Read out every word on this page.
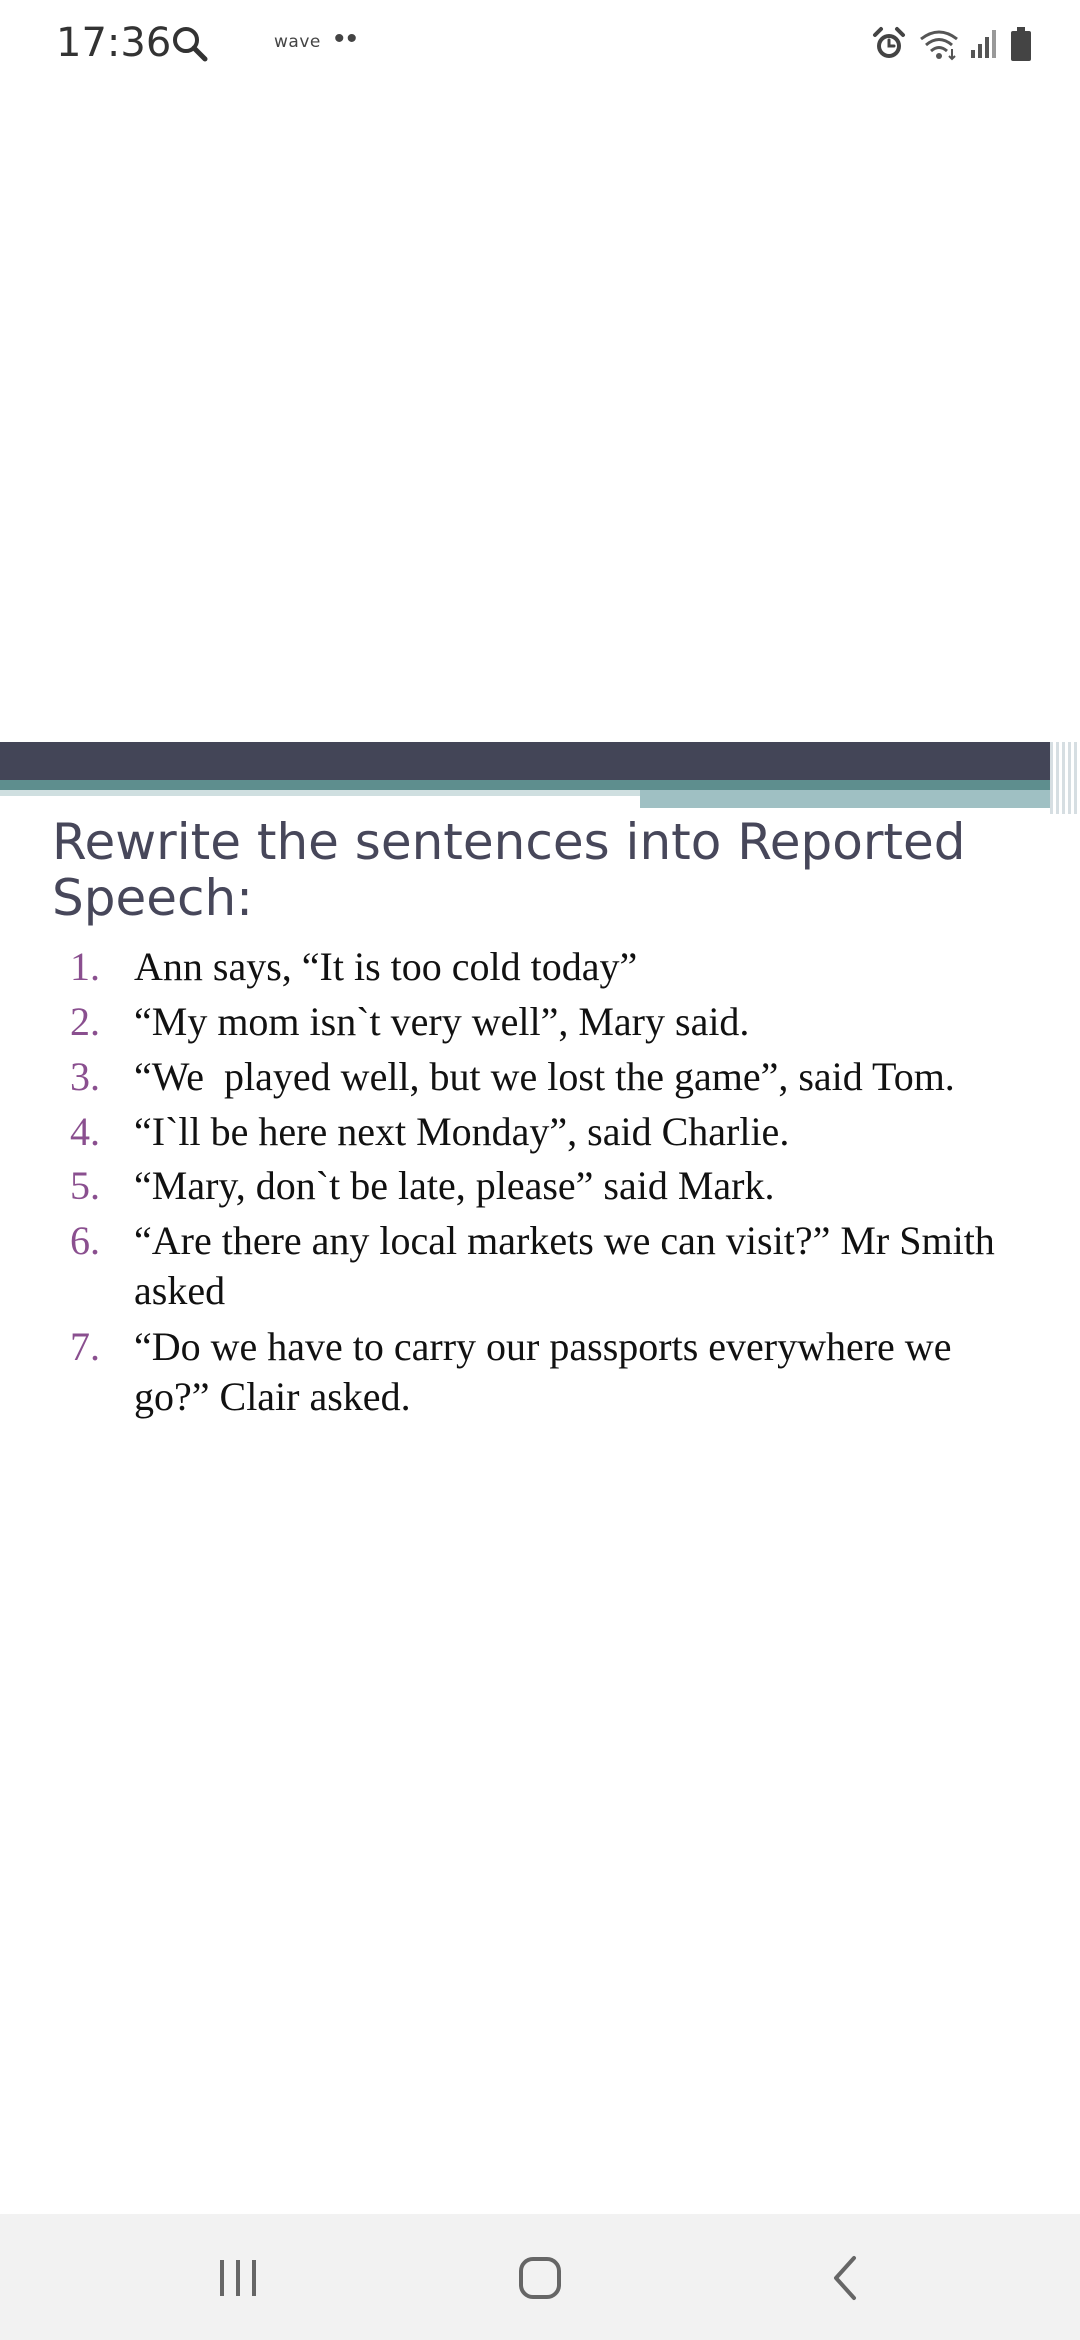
17:36	wave ••
Rewrite the sentences into Reported Speech:
1. Ann says, “It is too cold today”
2. “My mom isn`t very well”, Mary said.
3. “We  played well, but we lost the game”, said Tom.
4. “I`ll be here next Monday”, said Charlie.
5. “Mary, don`t be late, please” said Mark.
6. “Are there any local markets we can visit?” Mr Smith asked
7. “Do we have to carry our passports everywhere we go?” Clair asked.
